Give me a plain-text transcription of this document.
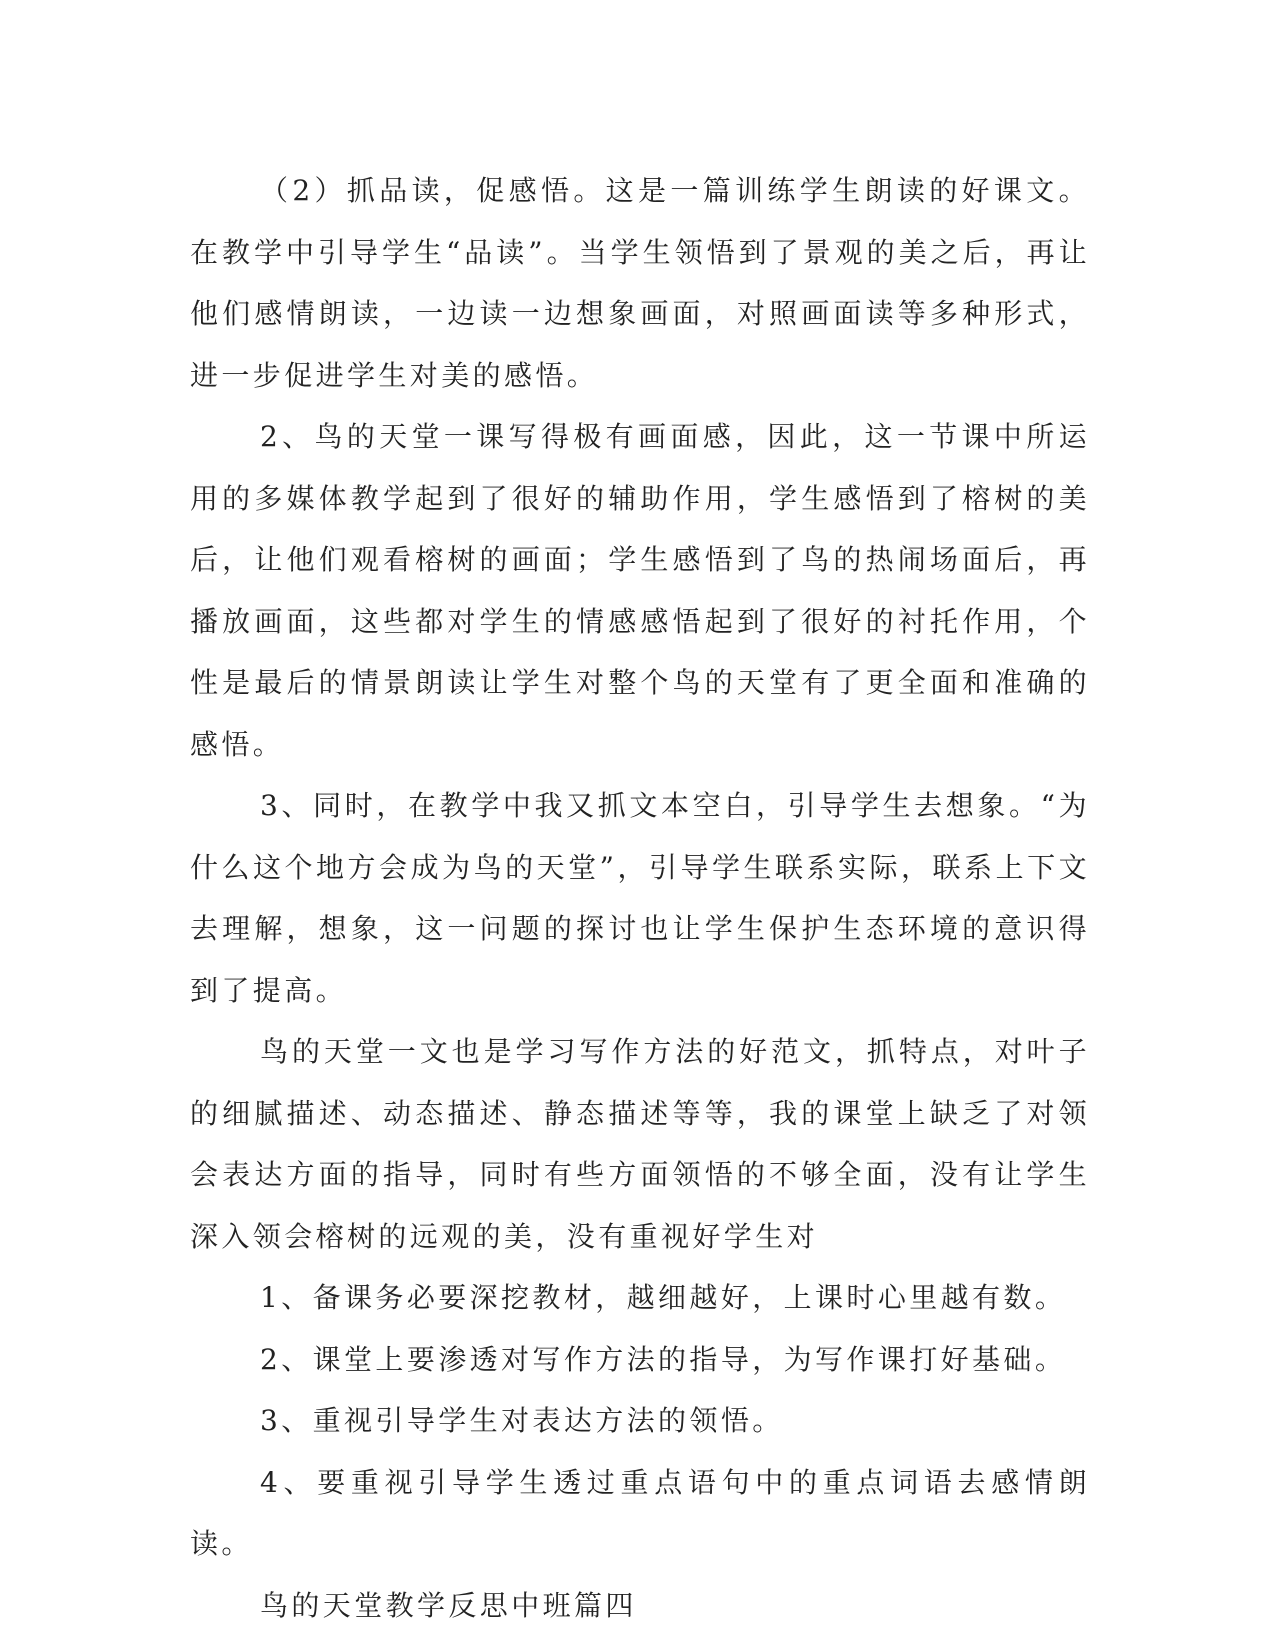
（2）抓品读，促感悟。这是一篇训练学生朗读的好课文。在教学中引导学生“品读”。当学生领悟到了景观的美之后，再让他们感情朗读，一边读一边想象画面，对照画面读等多种形式，进一步促进学生对美的感悟。

2、鸟的天堂一课写得极有画面感，因此，这一节课中所运用的多媒体教学起到了很好的辅助作用，学生感悟到了榕树的美后，让他们观看榕树的画面；学生感悟到了鸟的热闹场面后，再播放画面，这些都对学生的情感感悟起到了很好的衬托作用，个性是最后的情景朗读让学生对整个鸟的天堂有了更全面和准确的感悟。

3、同时，在教学中我又抓文本空白，引导学生去想象。“为什么这个地方会成为鸟的天堂”，引导学生联系实际，联系上下文去理解，想象，这一问题的探讨也让学生保护生态环境的意识得到了提高。

鸟的天堂一文也是学习写作方法的好范文，抓特点，对叶子的细腻描述、动态描述、静态描述等等，我的课堂上缺乏了对领会表达方面的指导，同时有些方面领悟的不够全面，没有让学生深入领会榕树的远观的美，没有重视好学生对

1、备课务必要深挖教材，越细越好，上课时心里越有数。

2、课堂上要渗透对写作方法的指导，为写作课打好基础。

3、重视引导学生对表达方法的领悟。

4、要重视引导学生透过重点语句中的重点词语去感情朗读。

鸟的天堂教学反思中班篇四
